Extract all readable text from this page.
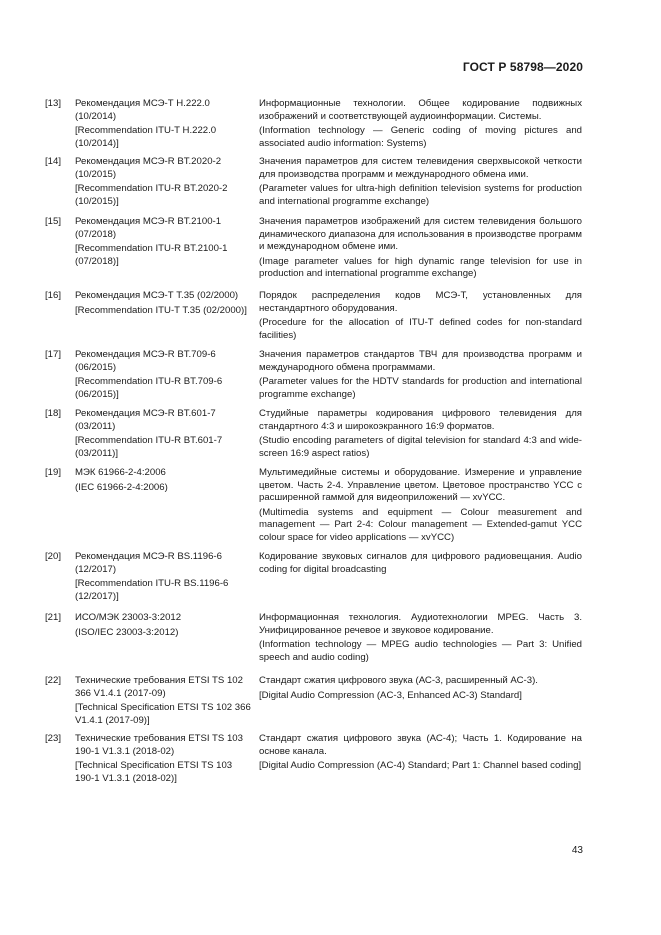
ГОСТ Р 58798—2020
[13] Рекомендация МСЭ-Т Н.222.0 (10/2014)

[Recommendation ITU-T H.222.0 (10/2014)]

Информационные технологии. Общее кодирование подвижных изображений и соответствующей аудиоинформации. Системы.

(Information technology — Generic coding of moving pictures and associated audio information: Systems)

[14] Рекомендация МСЭ-R BT.2020-2 (10/2015)

[Recommendation ITU-R BT.2020-2 (10/2015)]

Значения параметров для систем телевидения сверхвысокой четкости для производства программ и международного обмена ими.

(Parameter values for ultra-high definition television systems for production and international programme exchange)

[15] Рекомендация МСЭ-R BT.2100-1 (07/2018)

[Recommendation ITU-R BT.2100-1 (07/2018)]

Значения параметров изображений для систем телевидения большого динамического диапазона для использования в производстве программ и международном обмене ими.

(Image parameter values for high dynamic range television for use in production and international programme exchange)

[16] Рекомендация МСЭ-Т Т.35 (02/2000)

[Recommendation ITU-T T.35 (02/2000)]

Порядок распределения кодов МСЭ-Т, установленных для нестандартного оборудования.

(Procedure for the allocation of ITU-T defined codes for non-standard facilities)

[17] Рекомендация МСЭ-R BT.709-6 (06/2015)

[Recommendation ITU-R BT.709-6 (06/2015)]

Значения параметров стандартов ТВЧ для производства программ и международного обмена программами.

(Parameter values for the HDTV standards for production and international programme exchange)

[18] Рекомендация МСЭ-R BT.601-7 (03/2011)

[Recommendation ITU-R BT.601-7 (03/2011)]

Студийные параметры кодирования цифрового телевидения для стандартного 4:3 и широкоэкранного 16:9 форматов.

(Studio encoding parameters of digital television for standard 4:3 and wide-screen 16:9 aspect ratios)

[19] МЭК 61966-2-4:2006

(IEC 61966-2-4:2006)

Мультимедийные системы и оборудование. Измерение и управление цветом. Часть 2-4. Управление цветом. Цветовое пространство YCC с расширенной гаммой для видеоприложений — xvYCC.

(Multimedia systems and equipment — Colour measurement and management — Part 2-4: Colour management — Extended-gamut YCC colour space for video applications — xvYCC)

[20] Рекомендация МСЭ-R BS.1196-6 (12/2017)

[Recommendation ITU-R BS.1196-6 (12/2017)]

Кодирование звуковых сигналов для цифрового радиовещания. Audio coding for digital broadcasting

[21] ИСО/МЭК 23003-3:2012

(ISO/IEC 23003-3:2012)

Информационная технология. Аудиотехнологии MPEG. Часть 3. Унифицированное речевое и звуковое кодирование.

(Information technology — MPEG audio technologies — Part 3: Unified speech and audio coding)

[22] Технические требования ETSI TS 102 366 V1.4.1 (2017-09)

[Technical Specification ETSI TS 102 366 V1.4.1 (2017-09)]

Стандарт сжатия цифрового звука (АС-3, расширенный АС-3).

[Digital Audio Compression (AC-3, Enhanced AC-3) Standard]

[23] Технические требования ETSI TS 103 190-1 V1.3.1 (2018-02)

[Technical Specification ETSI TS 103 190-1 V1.3.1 (2018-02)]

Стандарт сжатия цифрового звука (АС-4); Часть 1. Кодирование на основе канала.

[Digital Audio Compression (AC-4) Standard; Part 1: Channel based coding]

43
